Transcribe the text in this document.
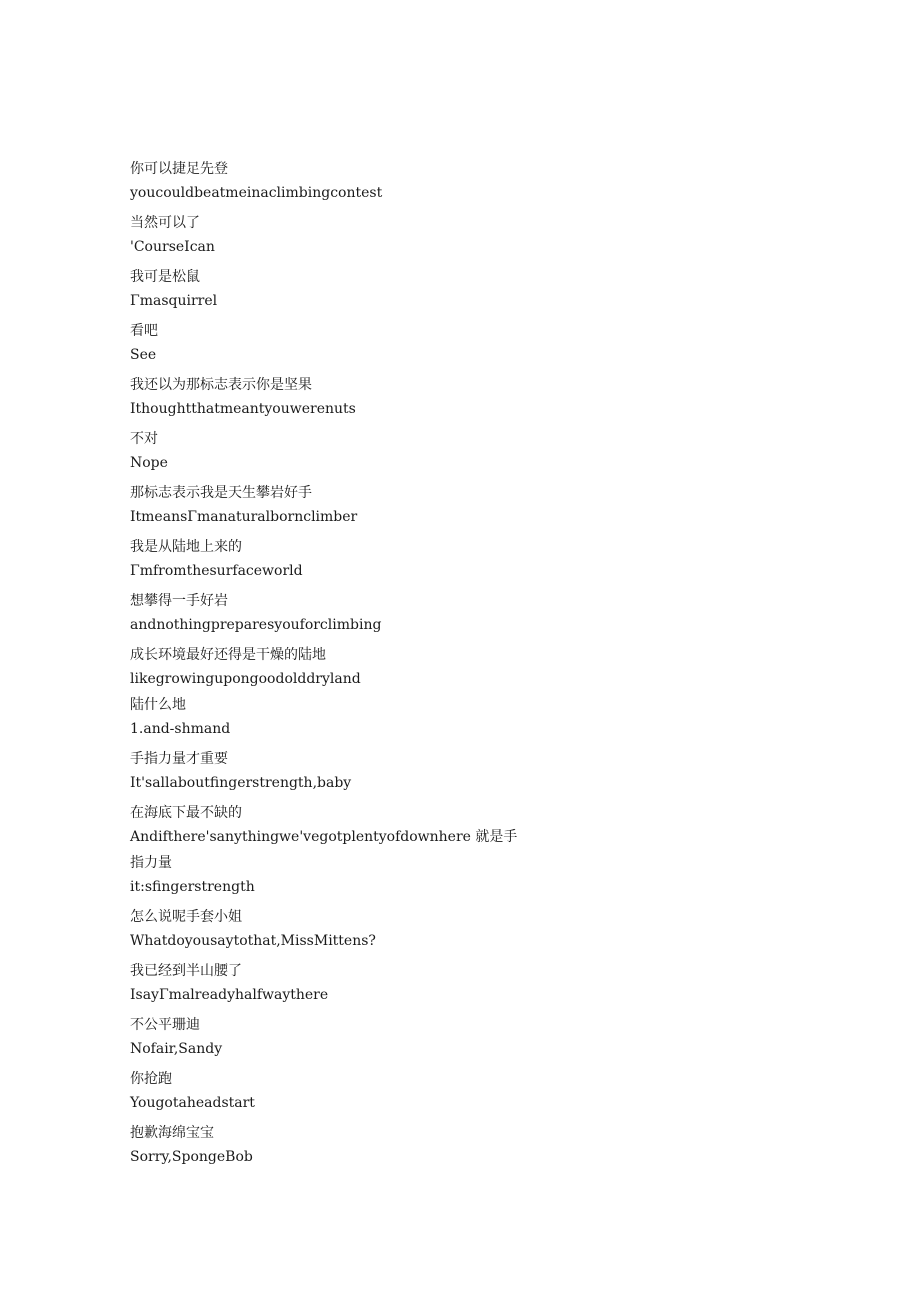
你可以捷足先登
youcouldbeatmeinaclimbingcontest
当然可以了
'CourseIcan
我可是松鼠
Γmasquirrel
看吧
See
我还以为那标志表示你是坚果
Ithoughtthatmeantyouwerenuts
不对
Nope
那标志表示我是天生攀岩好手
ItmeansΓmanaturalbornclimber
我是从陆地上来的
Γmfromthesurfaceworld
想攀得一手好岩
andnothingpreparesyouforclimbing
成长环境最好还得是干燥的陆地
likegrowingupongoodolddryland
陆什么地
1.and-shmand
手指力量才重要
It'sallaboutfingerstrength,baby
在海底下最不缺的
Andifthere'sanythingwe'vegotplentyofdownhere 就是手
指力量
it:sfingerstrength
怎么说呢手套小姐
Whatdoyousaytothat,MissMittens?
我已经到半山腰了
IsayΓmalreadyhalfwaythere
不公平珊迪
Nofair,Sandy
你抢跑
Yougotaheadstart
抱歉海绵宝宝
Sorry,SpongeBob
